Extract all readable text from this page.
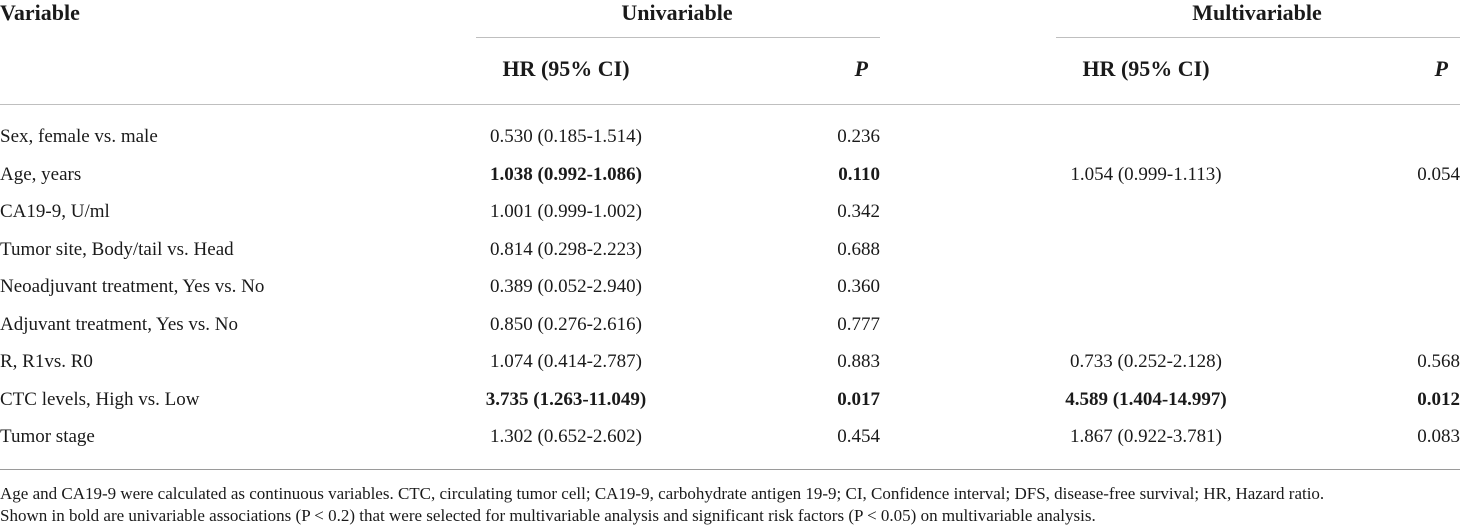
Variable	Univariable	Multivariable
HR (95% CI)	P	HR (95% CI)	P
Sex, female vs. male	0.530 (0.185-1.514)	0.236
Age, years	1.038 (0.992-1.086)	0.110	1.054 (0.999-1.113)	0.054
CA19-9, U/ml	1.001 (0.999-1.002)	0.342
Tumor site, Body/tail vs. Head	0.814 (0.298-2.223)	0.688
Neoadjuvant treatment, Yes vs. No	0.389 (0.052-2.940)	0.360
Adjuvant treatment, Yes vs. No	0.850 (0.276-2.616)	0.777
R, R1vs. R0	1.074 (0.414-2.787)	0.883	0.733 (0.252-2.128)	0.568
CTC levels, High vs. Low	3.735 (1.263-11.049)	0.017	4.589 (1.404-14.997)	0.012
Tumor stage	1.302 (0.652-2.602)	0.454	1.867 (0.922-3.781)	0.083
Age and CA19-9 were calculated as continuous variables. CTC, circulating tumor cell; CA19-9, carbohydrate antigen 19-9; CI, Confidence interval; DFS, disease-free survival; HR, Hazard ratio.
Shown in bold are univariable associations (P < 0.2) that were selected for multivariable analysis and significant risk factors (P < 0.05) on multivariable analysis.
